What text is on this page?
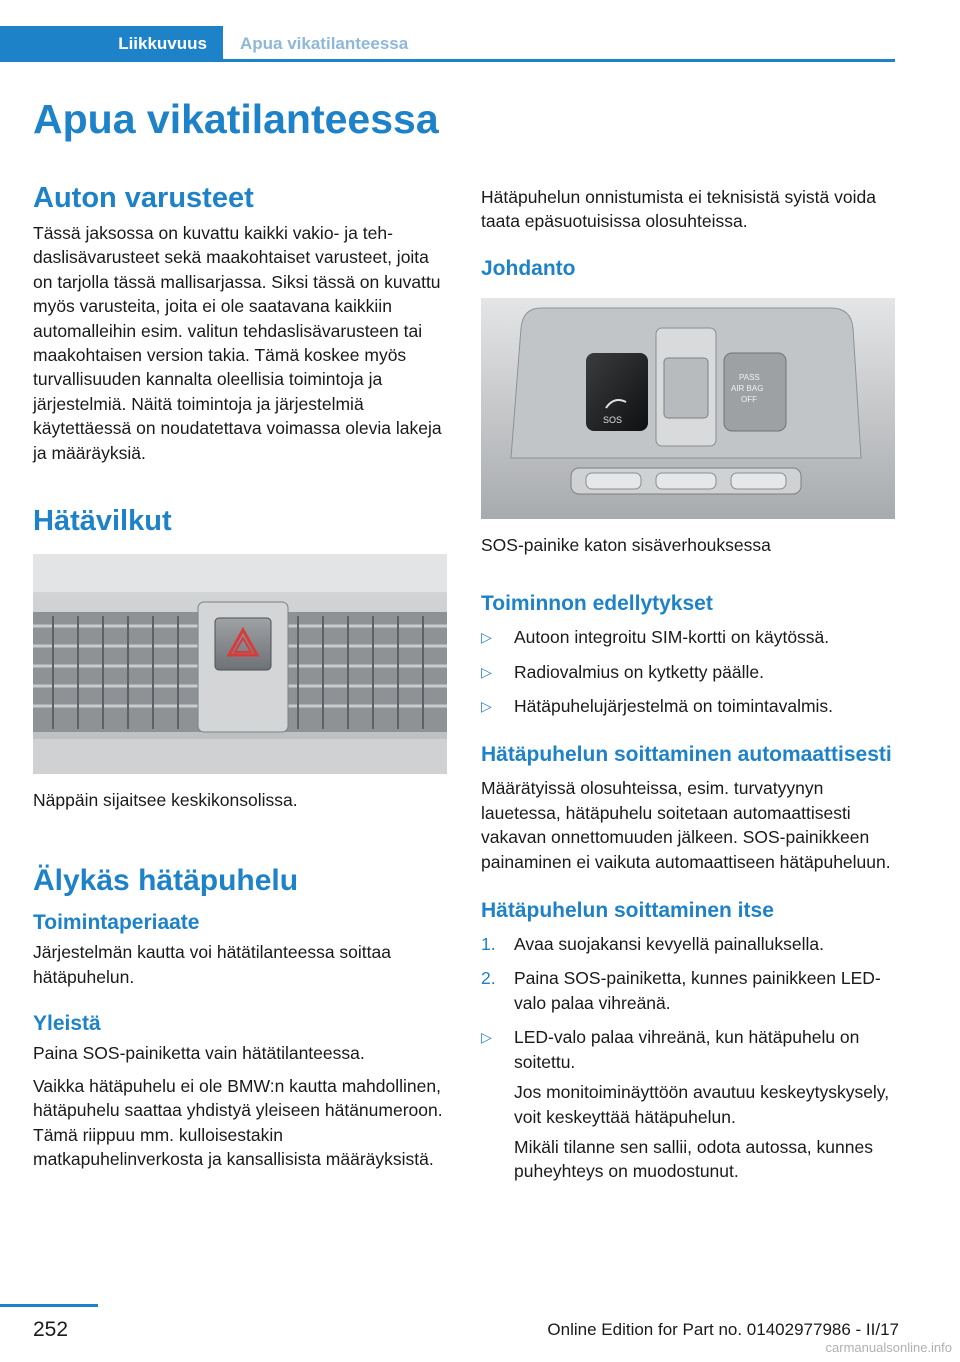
Liikkuvuus	Apua vikatilanteessa
Apua vikatilanteessa
Auton varusteet

Tässä jaksossa on kuvattu kaikki vakio- ja tehdaslisävarusteet sekä maakohtaiset varusteet, joita on tarjolla tässä mallisarjassa. Siksi tässä on kuvattu myös varusteita, joita ei ole saatavana kaikkiin automalleihin esim. valitun tehdaslisävarusteen tai maakohtaisen version takia. Tämä koskee myös turvallisuuden kannalta oleellisia toimintoja ja järjestelmiä. Näitä toimintoja ja järjestelmiä käytettäessä on noudatettava voimassa olevia lakeja ja määräyksiä.

Hätävilkut

Näppäin sijaitsee keskikonsolissa.

Älykäs hätäpuhelu
Toimintaperiaate

Järjestelmän kautta voi hätätilanteessa soittaa hätäpuhelun.

Yleistä

Paina SOS-painiketta vain hätätilanteessa.

Vaikka hätäpuhelu ei ole BMW:n kautta mahdollinen, hätäpuhelu saattaa yhdistyä yleiseen hätänumeroon. Tämä riippuu mm. kulloisestakin matkapuhelinverkosta ja kansallisista määräyksistä.

Hätäpuhelun onnistumista ei teknisistä syistä voida taata epäsuotuisissa olosuhteissa.

Johdanto
SOS
PASS
AIR BAG
OFF

SOS-painike katon sisäverhouksessa

Toiminnon edellytykset
▷ Autoon integroitu SIM-kortti on käytössä.
▷ Radiovalmius on kytketty päälle.
▷ Hätäpuhelujärjestelmä on toimintavalmis.
Hätäpuhelun soittaminen automaattisesti

Määrätyissä olosuhteissa, esim. turvatyynyn lauetessa, hätäpuhelu soitetaan automaattisesti vakavan onnettomuuden jälkeen. SOS-painikkeen painaminen ei vaikuta automaattiseen hätäpuheluun.

Hätäpuhelun soittaminen itse
1. Avaa suojakansi kevyellä painalluksella.
2. Paina SOS-painiketta, kunnes painikkeen LED-valo palaa vihreänä.
▷ LED-valo palaa vihreänä, kun hätäpuhelu on soitettu.

Jos monitoiminäyttöön avautuu keskeytyskysely, voit keskeyttää hätäpuhelun.

Mikäli tilanne sen sallii, odota autossa, kunnes puheyhteys on muodostunut.

252	Online Edition for Part no. 01402977986 - II/17
carmanualsonline.info
